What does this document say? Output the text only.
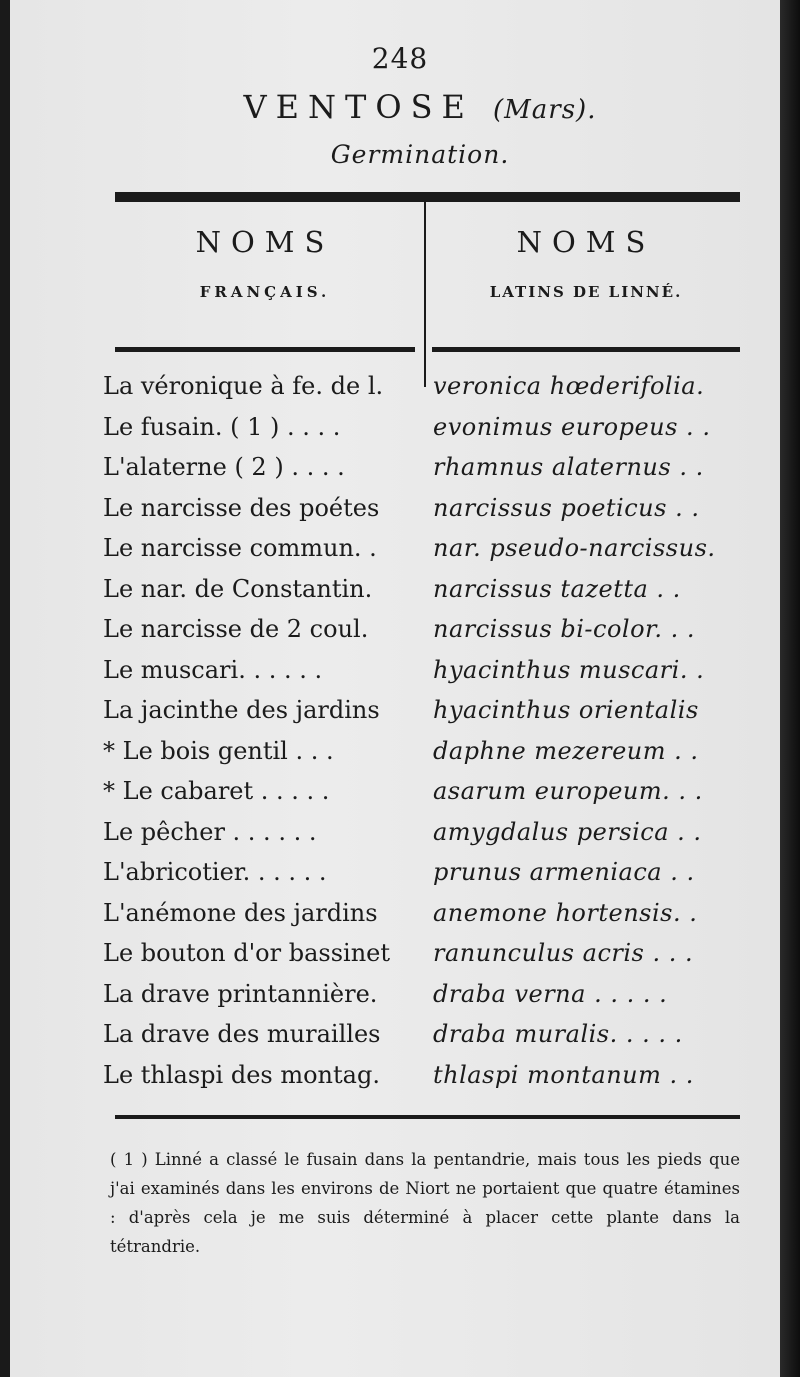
248
VENTOSE (Mars).
Germination.
NOMS
FRANÇAIS.
NOMS
LATINS DE LINNÉ.
La véronique à fe. de l.	veronica hœderifolia.
Le fusain. ( 1 ) . . . .	evonimus europeus . .
L'alaterne ( 2 ) . . . .	rhamnus alaternus . .
Le narcisse des poétes	narcissus poeticus . .
Le narcisse commun. .	nar. pseudo-narcissus.
Le nar. de Constantin.	narcissus tazetta . .
Le narcisse de 2 coul.	narcissus bi-color. . .
Le muscari. . . . . .	hyacinthus muscari. .
La jacinthe des jardins	hyacinthus orientalis
* Le bois gentil . . .	daphne mezereum . .
* Le cabaret . . . . .	asarum europeum. . .
Le pêcher . . . . . .	amygdalus persica . .
L'abricotier. . . . . .	prunus armeniaca . .
L'anémone des jardins	anemone hortensis. .
Le bouton d'or bassinet	ranunculus acris . . .
La drave printannière.	draba verna . . . . .
La drave des murailles	draba muralis. . . . .
Le thlaspi des montag.	thlaspi montanum . .
( 1 ) Linné a classé le fusain dans la pentandrie, mais tous les pieds que j'ai examinés dans les environs de Niort ne portaient que quatre étamines : d'après cela je me suis déterminé à placer cette plante dans la tétrandrie.
